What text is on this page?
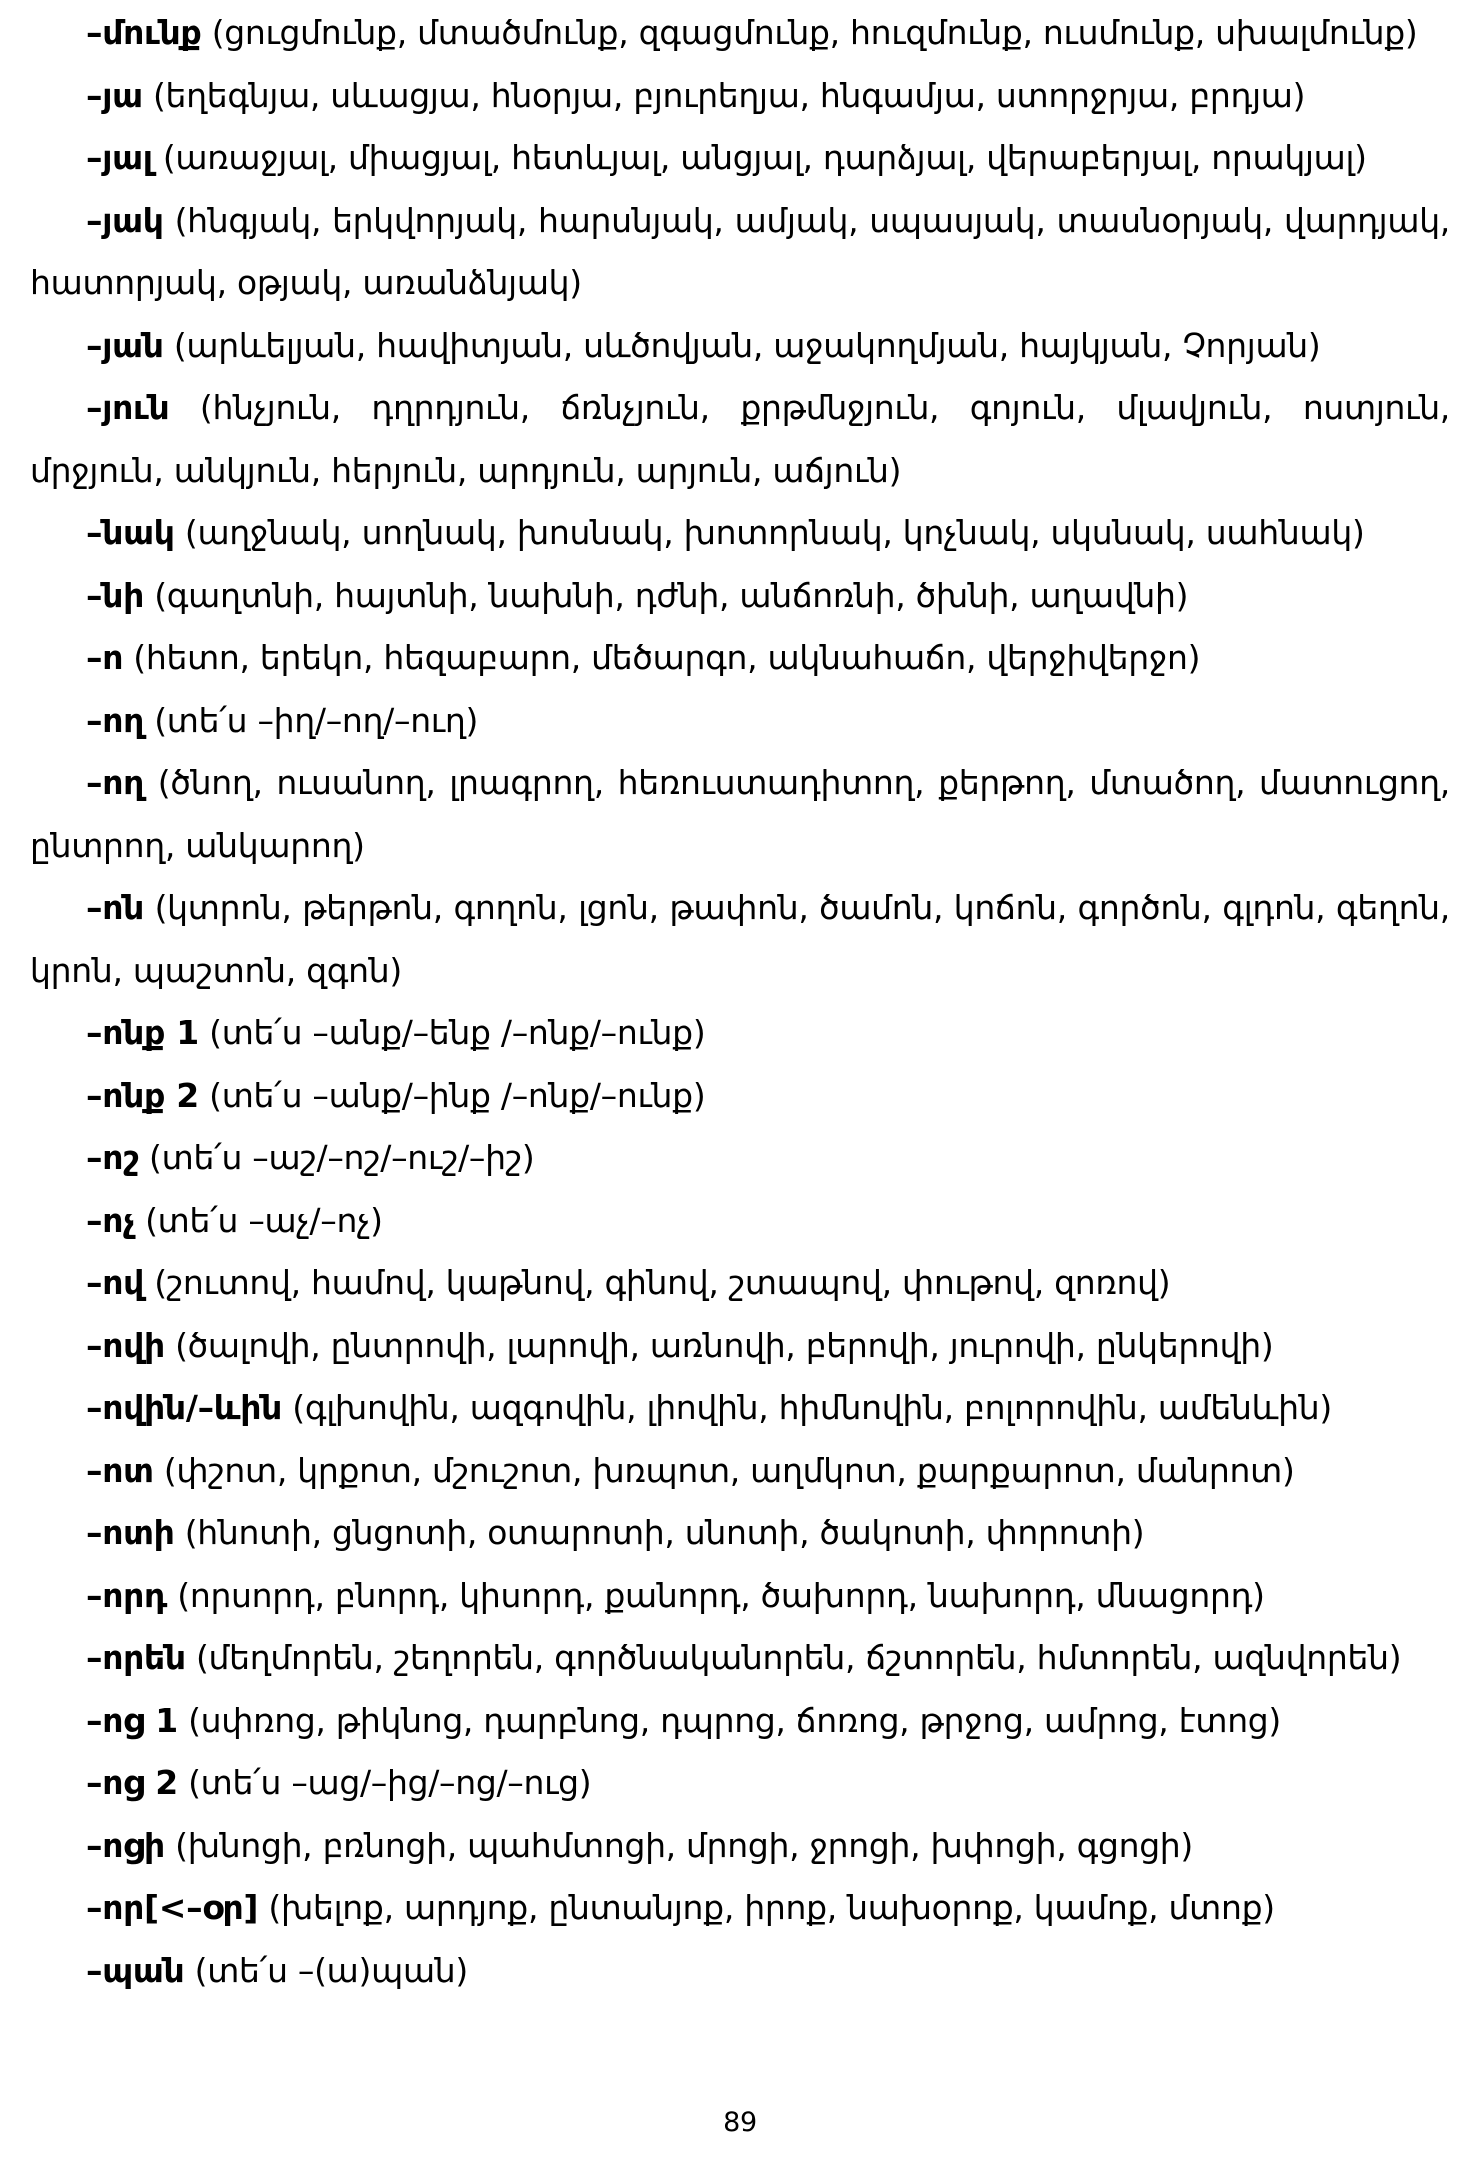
–մունք (ցուցմունք, մտածմունք, զգացմունք, հուզմունք, ուսմունք, սխալմունք)

–յա (եղեգնյա, սևացյա, հնօրյա, բյուրեղյա, հնգամյա, ստորջրյա, բրդյա)

–յալ (առաջյալ, միացյալ, հետևյալ, անցյալ, դարձյալ, վերաբերյալ, որակյալ)

–յակ (հնգյակ, երկվորյակ, հարսնյակ, ամյակ, սպասյակ, տասնօրյակ, վարդյակ, հատորյակ, օթյակ, առանձնյակ)

–յան (արևելյան, հավիտյան, սևծովյան, աջակողմյան, հայկյան, Չորյան)

–յուն (հնչյուն, դղրդյուն, ճռնչյուն, քրթմնջյուն, գոյուն, մլավյուն, ոստյուն, մրջյուն, անկյուն, հերյուն, արդյուն, արյուն, աճյուն)

–նակ (աղջնակ, սողնակ, խոսնակ, խոտորնակ, կոչնակ, սկսնակ, սահնակ)

–նի (գաղտնի, հայտնի, նախնի, դժնի, անճոռնի, ծխնի, աղավնի)

–ո (հետո, երեկո, հեզաբարո, մեծարգո, ակնահաճո, վերջիվերջո)

–ող (տե՛ս –իղ/–ող/–ուղ)

–ող (ծնող, ուսանող, լրագրող, հեռուստադիտող, քերթող, մտածող, մատուցող, ընտրող, անկարող)

–ոն (կտրոն, թերթոն, գողոն, լցոն, թափոն, ծամոն, կոճոն, գործոն, գլդոն, գեղոն, կրոն, պաշտոն, զգոն)

–ոնք 1 (տե՛ս –անք/–ենք /–ոնք/–ունք)

–ոնք 2 (տե՛ս –անք/–ինք /–ոնք/–ունք)

–ոշ (տե՛ս –աշ/–ոշ/–ուշ/–իշ)

–ոչ (տե՛ս –աչ/–ոչ)

–ով (շուտով, համով, կաթնով, գինով, շտապով, փութով, զոռով)

–ովի (ծալովի, ընտրովի, լարովի, առնովի, բերովի, յուրովի, ընկերովի)

–ովին/–ևին (գլխովին, ազգովին, լիովին, հիմնովին, բոլորովին, ամենևին)

–ոտ (փշոտ, կրքոտ, մշուշոտ, խռպոտ, աղմկոտ, քարքարոտ, մանրոտ)

–ոտի (հնոտի, ցնցոտի, օտարոտի, սնոտի, ծակոտի, փորոտի)

–որդ (որսորդ, բնորդ, կիսորդ, քանորդ, ծախորդ, նախորդ, մնացորդ)

–որեն (մեղմորեն, շեղորեն, գործնականորեն, ճշտորեն, հմտորեն, ազնվորեն)

–ոց 1 (սփռոց, թիկնոց, դարբնոց, դպրոց, ճոռոց, թրջոց, ամրոց, էտոց)

–ոց 2 (տե՛ս –աց/–ից/–ոց/–ուց)

–ոցի (խնոցի, բռնոցի, պահմտոցի, մրոցի, ջրոցի, խփոցի, գցոցի)

–որ[<–օր] (խելոք, արդյոք, ընտանյոք, իրոք, նախօրոք, կամոք, մտոք)

–պան (տե՛ս –(ա)պան)

89
